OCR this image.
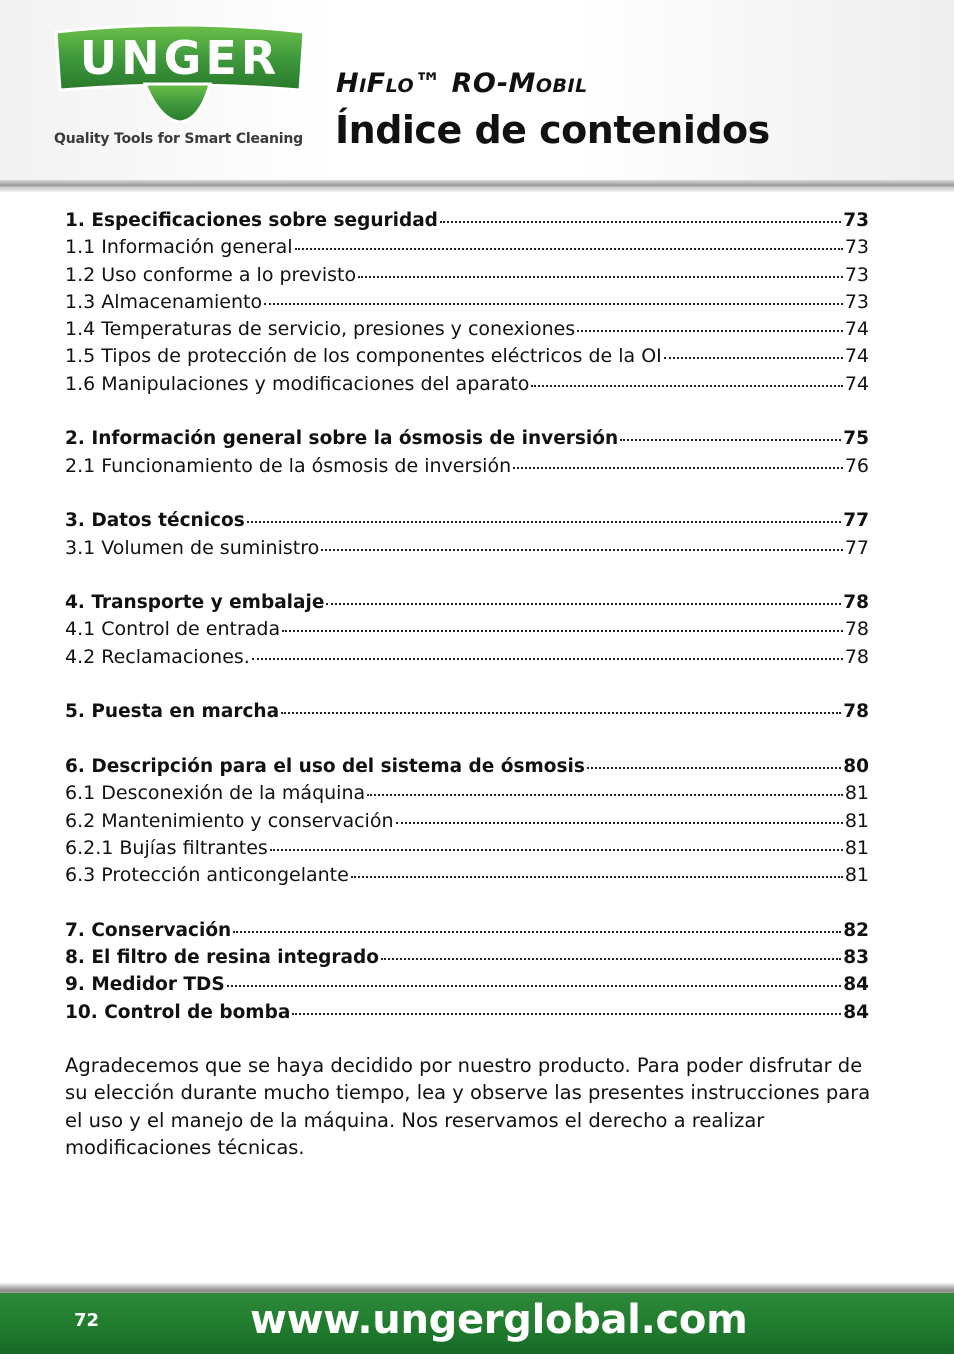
UNGER
Quality Tools for Smart Cleaning
HiFlo™ RO-Mobil
Índice de contenidos
1. Especificaciones sobre seguridad	73
1.1 Información general	73
1.2 Uso conforme a lo previsto	73
1.3 Almacenamiento	73
1.4 Temperaturas de servicio, presiones y conexiones	74
1.5 Tipos de protección de los componentes eléctricos de la OI	74
1.6 Manipulaciones y modificaciones del aparato	74
2. Información general sobre la ósmosis de inversión	75
2.1 Funcionamiento de la ósmosis de inversión	76
3. Datos técnicos	77
3.1 Volumen de suministro	77
4. Transporte y embalaje	78
4.1 Control de entrada	78
4.2 Reclamaciones.	78
5. Puesta en marcha	78
6. Descripción para el uso del sistema de ósmosis	80
6.1 Desconexión de la máquina	81
6.2 Mantenimiento y conservación	81
6.2.1 Bujías filtrantes	81
6.3 Protección anticongelante	81
7. Conservación	82
8. El filtro de resina integrado	83
9. Medidor TDS	84
10. Control de bomba	84
Agradecemos que se haya decidido por nuestro producto. Para poder disfrutar de su elección durante mucho tiempo, lea y observe las presentes instrucciones para el uso y el manejo de la máquina. Nos reservamos el derecho a realizar modificaciones técnicas.
72	www.ungerglobal.com
